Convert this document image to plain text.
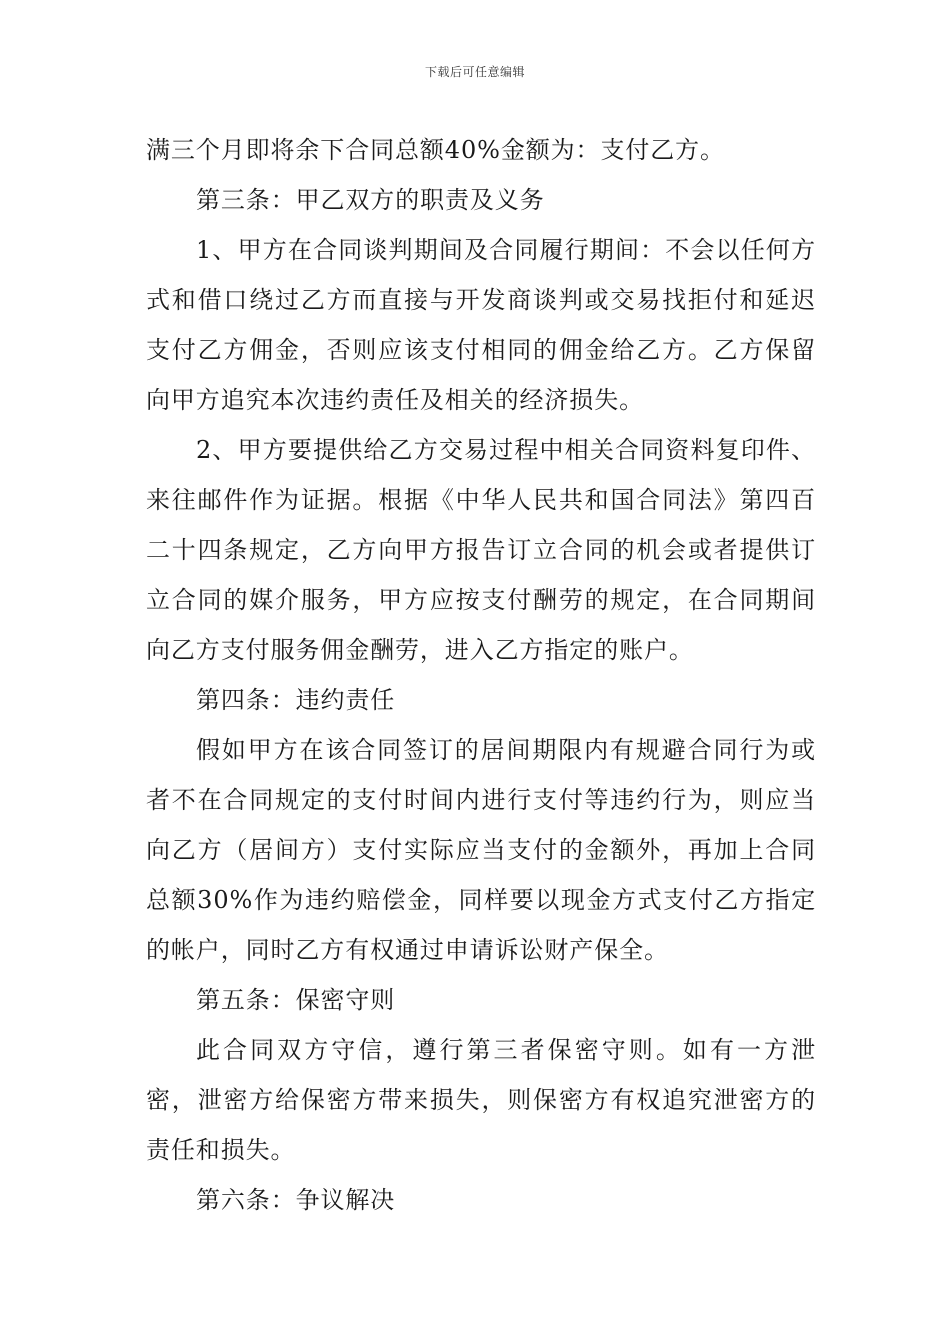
下载后可任意编辑

满三个月即将余下合同总额40%金额为：支付乙方。

第三条：甲乙双方的职责及义务

1、甲方在合同谈判期间及合同履行期间：不会以任何方式和借口绕过乙方而直接与开发商谈判或交易找拒付和延迟支付乙方佣金，否则应该支付相同的佣金给乙方。乙方保留向甲方追究本次违约责任及相关的经济损失。

2、甲方要提供给乙方交易过程中相关合同资料复印件、来往邮件作为证据。根据《中华人民共和国合同法》第四百二十四条规定，乙方向甲方报告订立合同的机会或者提供订立合同的媒介服务，甲方应按支付酬劳的规定，在合同期间向乙方支付服务佣金酬劳，进入乙方指定的账户。

第四条：违约责任

假如甲方在该合同签订的居间期限内有规避合同行为或者不在合同规定的支付时间内进行支付等违约行为，则应当向乙方（居间方）支付实际应当支付的金额外，再加上合同总额30%作为违约赔偿金，同样要以现金方式支付乙方指定的帐户，同时乙方有权通过申请诉讼财产保全。

第五条：保密守则

此合同双方守信，遵行第三者保密守则。如有一方泄密，泄密方给保密方带来损失，则保密方有权追究泄密方的责任和损失。

第六条：争议解决
